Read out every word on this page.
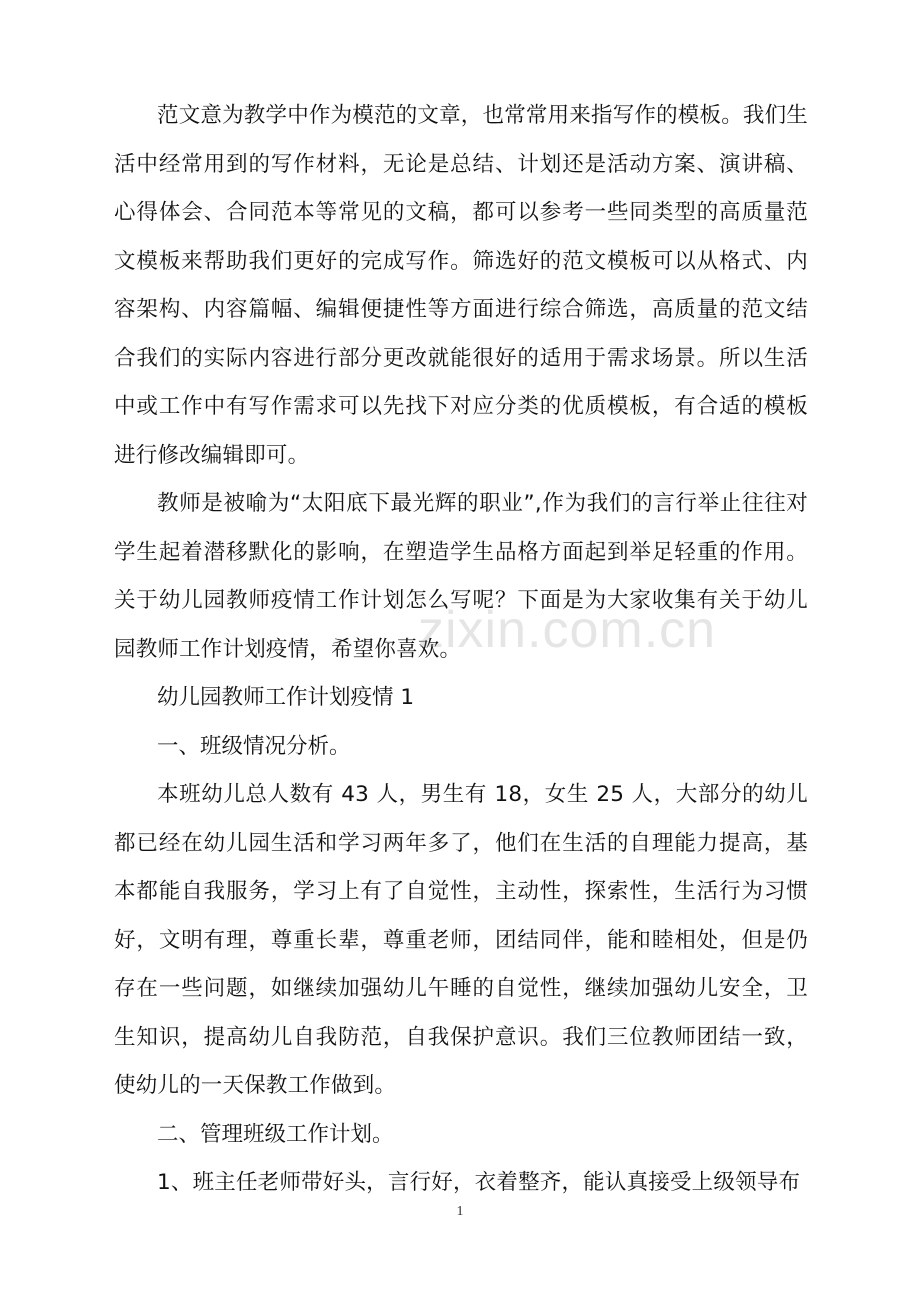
范文意为教学中作为模范的文章，也常常用来指写作的模板。我们生活中经常用到的写作材料，无论是总结、计划还是活动方案、演讲稿、心得体会、合同范本等常见的文稿，都可以参考一些同类型的高质量范文模板来帮助我们更好的完成写作。筛选好的范文模板可以从格式、内容架构、内容篇幅、编辑便捷性等方面进行综合筛选，高质量的范文结合我们的实际内容进行部分更改就能很好的适用于需求场景。所以生活中或工作中有写作需求可以先找下对应分类的优质模板，有合适的模板进行修改编辑即可。

教师是被喻为“太阳底下最光辉的职业”,作为我们的言行举止往往对学生起着潜移默化的影响，在塑造学生品格方面起到举足轻重的作用。关于幼儿园教师疫情工作计划怎么写呢？下面是为大家收集有关于幼儿园教师工作计划疫情，希望你喜欢。

幼儿园教师工作计划疫情 1

一、班级情况分析。

本班幼儿总人数有 43 人，男生有 18，女生 25 人，大部分的幼儿都已经在幼儿园生活和学习两年多了，他们在生活的自理能力提高，基本都能自我服务，学习上有了自觉性，主动性，探索性，生活行为习惯好，文明有理，尊重长辈，尊重老师，团结同伴，能和睦相处，但是仍存在一些问题，如继续加强幼儿午睡的自觉性，继续加强幼儿安全，卫生知识，提高幼儿自我防范，自我保护意识。我们三位教师团结一致，使幼儿的一天保教工作做到。

二、管理班级工作计划。

1、班主任老师带好头，言行好，衣着整齐，能认真接受上级领导布

zixin.com.cn
1
